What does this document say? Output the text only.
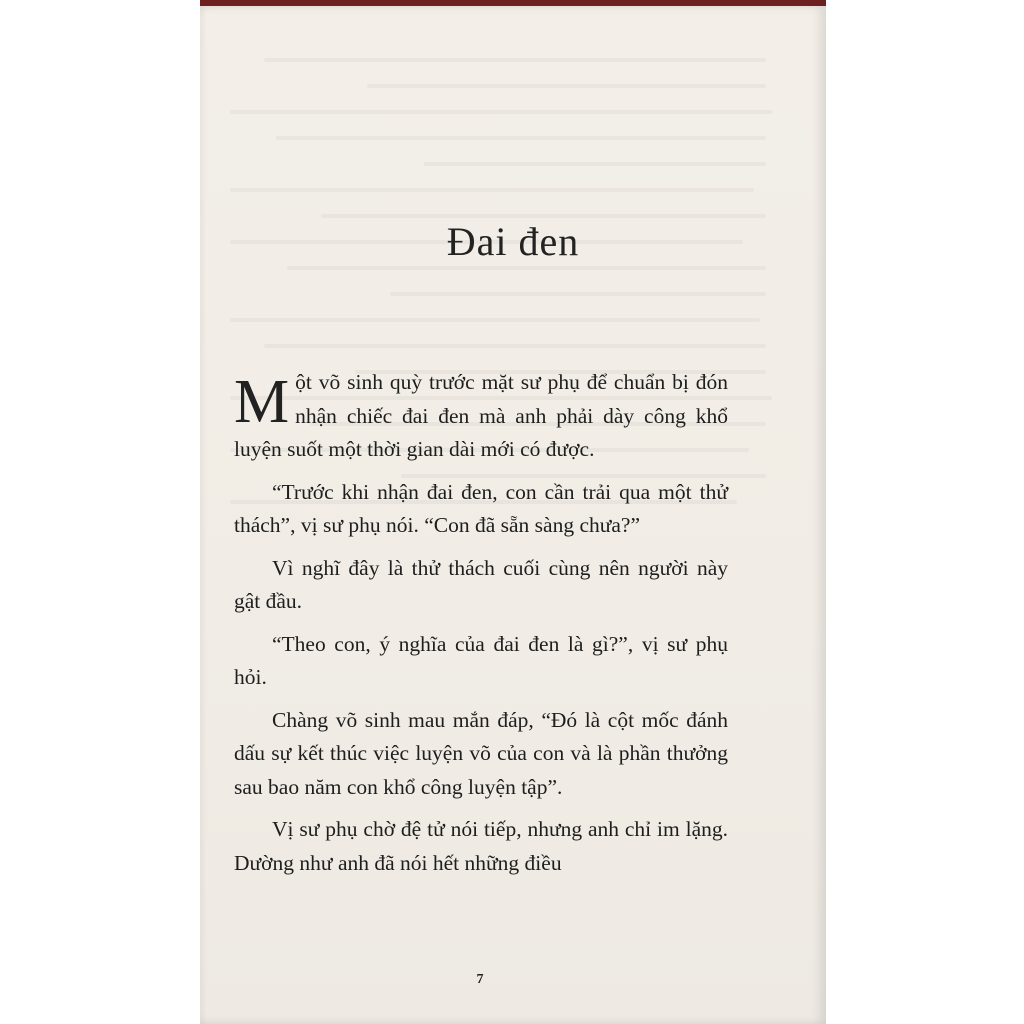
Đai đen

Một võ sinh quỳ trước mặt sư phụ để chuẩn bị đón nhận chiếc đai đen mà anh phải dày công khổ luyện suốt một thời gian dài mới có được.

“Trước khi nhận đai đen, con cần trải qua một thử thách”, vị sư phụ nói. “Con đã sẵn sàng chưa?”

Vì nghĩ đây là thử thách cuối cùng nên người này gật đầu.

“Theo con, ý nghĩa của đai đen là gì?”, vị sư phụ hỏi.

Chàng võ sinh mau mắn đáp, “Đó là cột mốc đánh dấu sự kết thúc việc luyện võ của con và là phần thưởng sau bao năm con khổ công luyện tập”.

Vị sư phụ chờ đệ tử nói tiếp, nhưng anh chỉ im lặng. Dường như anh đã nói hết những điều

7
